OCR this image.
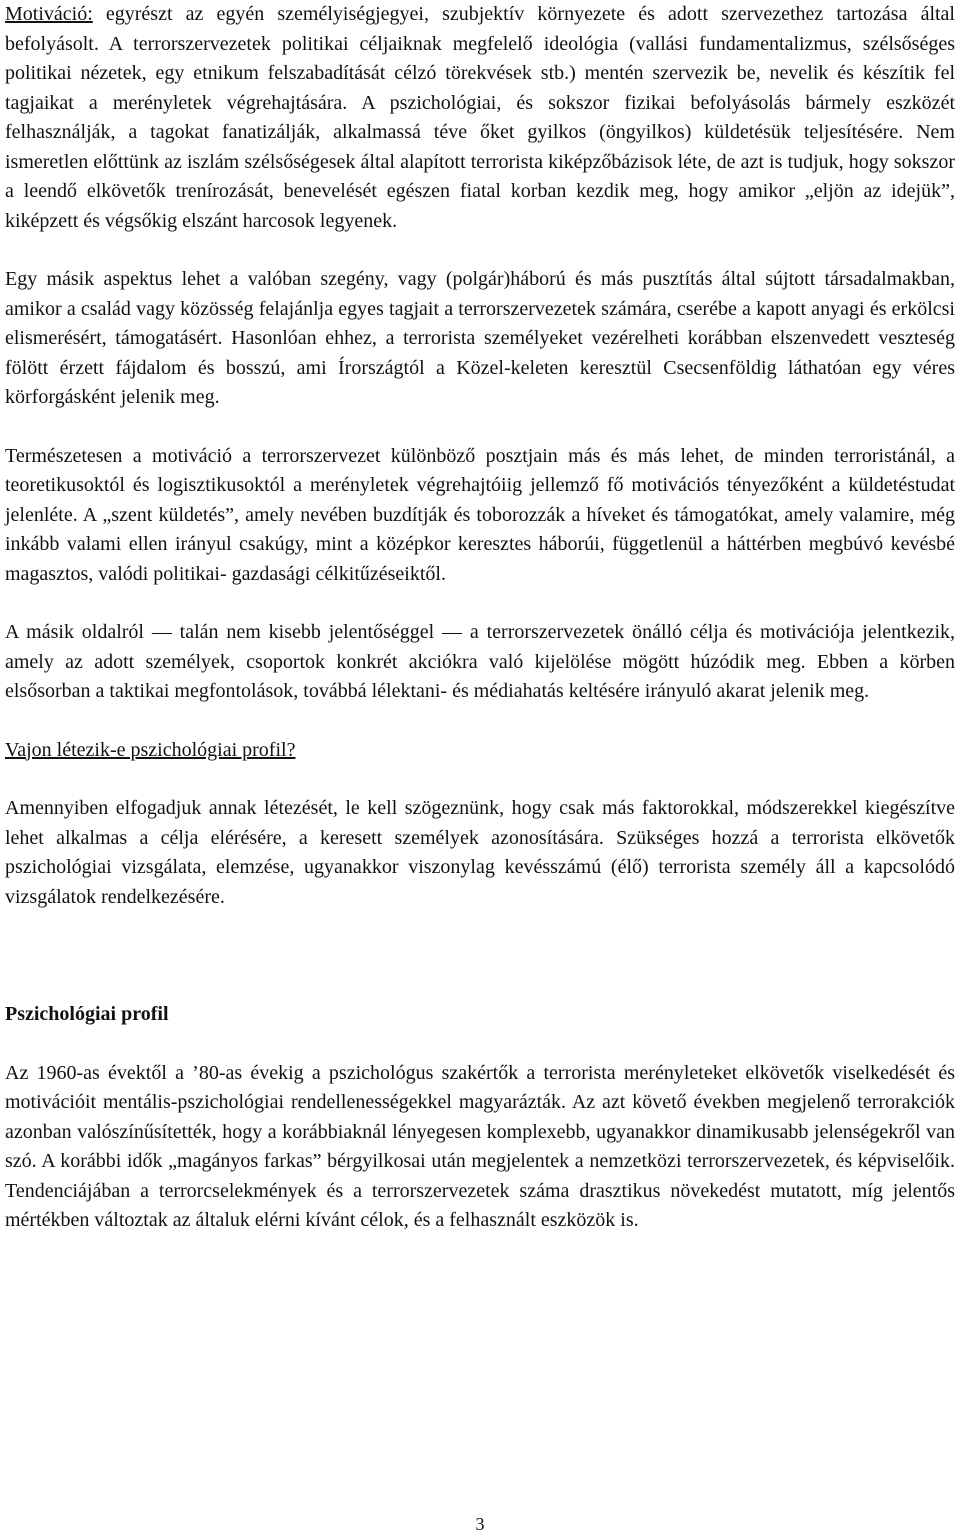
Motiváció: egyrészt az egyén személyiségjegyei, szubjektív környezete és adott szervezethez tartozása által befolyásolt. A terrorszervezetek politikai céljaiknak megfelelő ideológia (vallási fundamentalizmus, szélsőséges politikai nézetek, egy etnikum felszabadítását célzó törekvések stb.) mentén szervezik be, nevelik és készítik fel tagjaikat a merényletek végrehajtására. A pszichológiai, és sokszor fizikai befolyásolás bármely eszközét felhasználják, a tagokat fanatizálják, alkalmassá téve őket gyilkos (öngyilkos) küldetésük teljesítésére. Nem ismeretlen előttünk az iszlám szélsőségesek által alapított terrorista kiképzőbázisok léte, de azt is tudjuk, hogy sokszor a leendő elkövetők trenírozását, benevelését egészen fiatal korban kezdik meg, hogy amikor „eljön az idejük”, kiképzett és végsőkig elszánt harcosok legyenek.

Egy másik aspektus lehet a valóban szegény, vagy (polgár)háború és más pusztítás által sújtott társadalmakban, amikor a család vagy közösség felajánlja egyes tagjait a terrorszervezetek számára, cserébe a kapott anyagi és erkölcsi elismerésért, támogatásért. Hasonlóan ehhez, a terrorista személyeket vezérelheti korábban elszenvedett veszteség fölött érzett fájdalom és bosszú, ami Írországtól a Közel-keleten keresztül Csecsenföldig láthatóan egy véres körforgásként jelenik meg.

Természetesen a motiváció a terrorszervezet különböző posztjain más és más lehet, de minden terroristánál, a teoretikusoktól és logisztikusoktól a merényletek végrehajtóiig jellemző fő motivációs tényezőként a küldetéstudat jelenléte. A „szent küldetés”, amely nevében buzdítják és toborozzák a híveket és támogatókat, amely valamire, még inkább valami ellen irányul csakúgy, mint a középkor keresztes háborúi, függetlenül a háttérben megbúvó kevésbé magasztos, valódi politikai- gazdasági célkitűzéseiktől.

A másik oldalról — talán nem kisebb jelentőséggel — a terrorszervezetek önálló célja és motivációja jelentkezik, amely az adott személyek, csoportok konkrét akciókra való kijelölése mögött húzódik meg. Ebben a körben elsősorban a taktikai megfontolások, továbbá lélektani- és médiahatás keltésére irányuló akarat jelenik meg.

Vajon létezik-e pszichológiai profil?

Amennyiben elfogadjuk annak létezését, le kell szögeznünk, hogy csak más faktorokkal, módszerekkel kiegészítve lehet alkalmas a célja elérésére, a keresett személyek azonosítására. Szükséges hozzá a terrorista elkövetők pszichológiai vizsgálata, elemzése, ugyanakkor viszonylag kevésszámú (élő) terrorista személy áll a kapcsolódó vizsgálatok rendelkezésére.

Pszichológiai profil

Az 1960-as évektől a ’80-as évekig a pszichológus szakértők a terrorista merényleteket elkövetők viselkedését és motivációit mentális-pszichológiai rendellenességekkel magyarázták. Az azt követő években megjelenő terrorakciók azonban valószínűsítették, hogy a korábbiaknál lényegesen komplexebb, ugyanakkor dinamikusabb jelenségekről van szó. A korábbi idők „magányos farkas” bérgyilkosai után megjelentek a nemzetközi terrorszervezetek, és képviselőik. Tendenciájában a terrorcselekmények és a terrorszervezetek száma drasztikus növekedést mutatott, míg jelentős mértékben változtak az általuk elérni kívánt célok, és a felhasznált eszközök is.

3
